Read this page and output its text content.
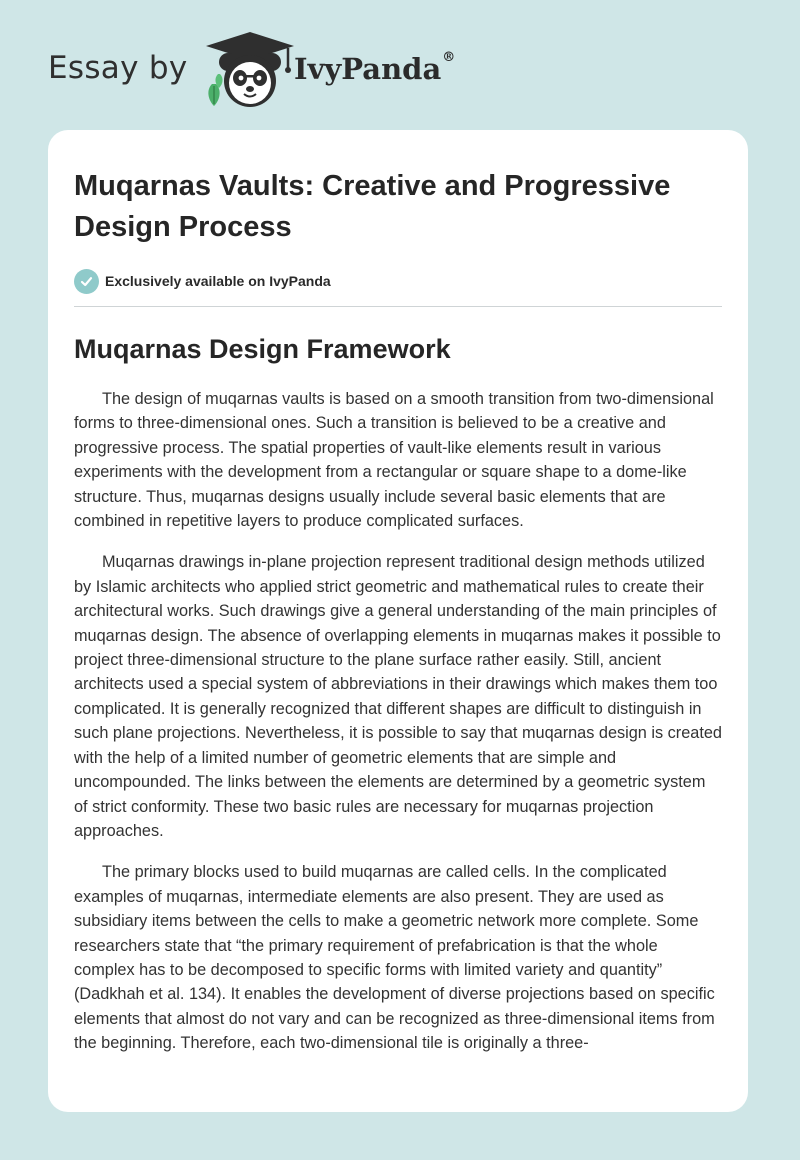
Essay by	IvyPanda®
Muqarnas Vaults: Creative and Progressive Design Process
Exclusively available on IvyPanda
Muqarnas Design Framework

The design of muqarnas vaults is based on a smooth transition from two-dimensional forms to three-dimensional ones. Such a transition is believed to be a creative and progressive process. The spatial properties of vault-like elements result in various experiments with the development from a rectangular or square shape to a dome-like structure. Thus, muqarnas designs usually include several basic elements that are combined in repetitive layers to produce complicated surfaces.

Muqarnas drawings in-plane projection represent traditional design methods utilized by Islamic architects who applied strict geometric and mathematical rules to create their architectural works. Such drawings give a general understanding of the main principles of muqarnas design. The absence of overlapping elements in muqarnas makes it possible to project three-dimensional structure to the plane surface rather easily. Still, ancient architects used a special system of abbreviations in their drawings which makes them too complicated. It is generally recognized that different shapes are difficult to distinguish in such plane projections. Nevertheless, it is possible to say that muqarnas design is created with the help of a limited number of geometric elements that are simple and uncompounded. The links between the elements are determined by a geometric system of strict conformity. These two basic rules are necessary for muqarnas projection approaches.

The primary blocks used to build muqarnas are called cells. In the complicated examples of muqarnas, intermediate elements are also present. They are used as subsidiary items between the cells to make a geometric network more complete. Some researchers state that “the primary requirement of prefabrication is that the whole complex has to be decomposed to specific forms with limited variety and quantity” (Dadkhah et al. 134). It enables the development of diverse projections based on specific elements that almost do not vary and can be recognized as three-dimensional items from the beginning. Therefore, each two-dimensional tile is originally a three-
